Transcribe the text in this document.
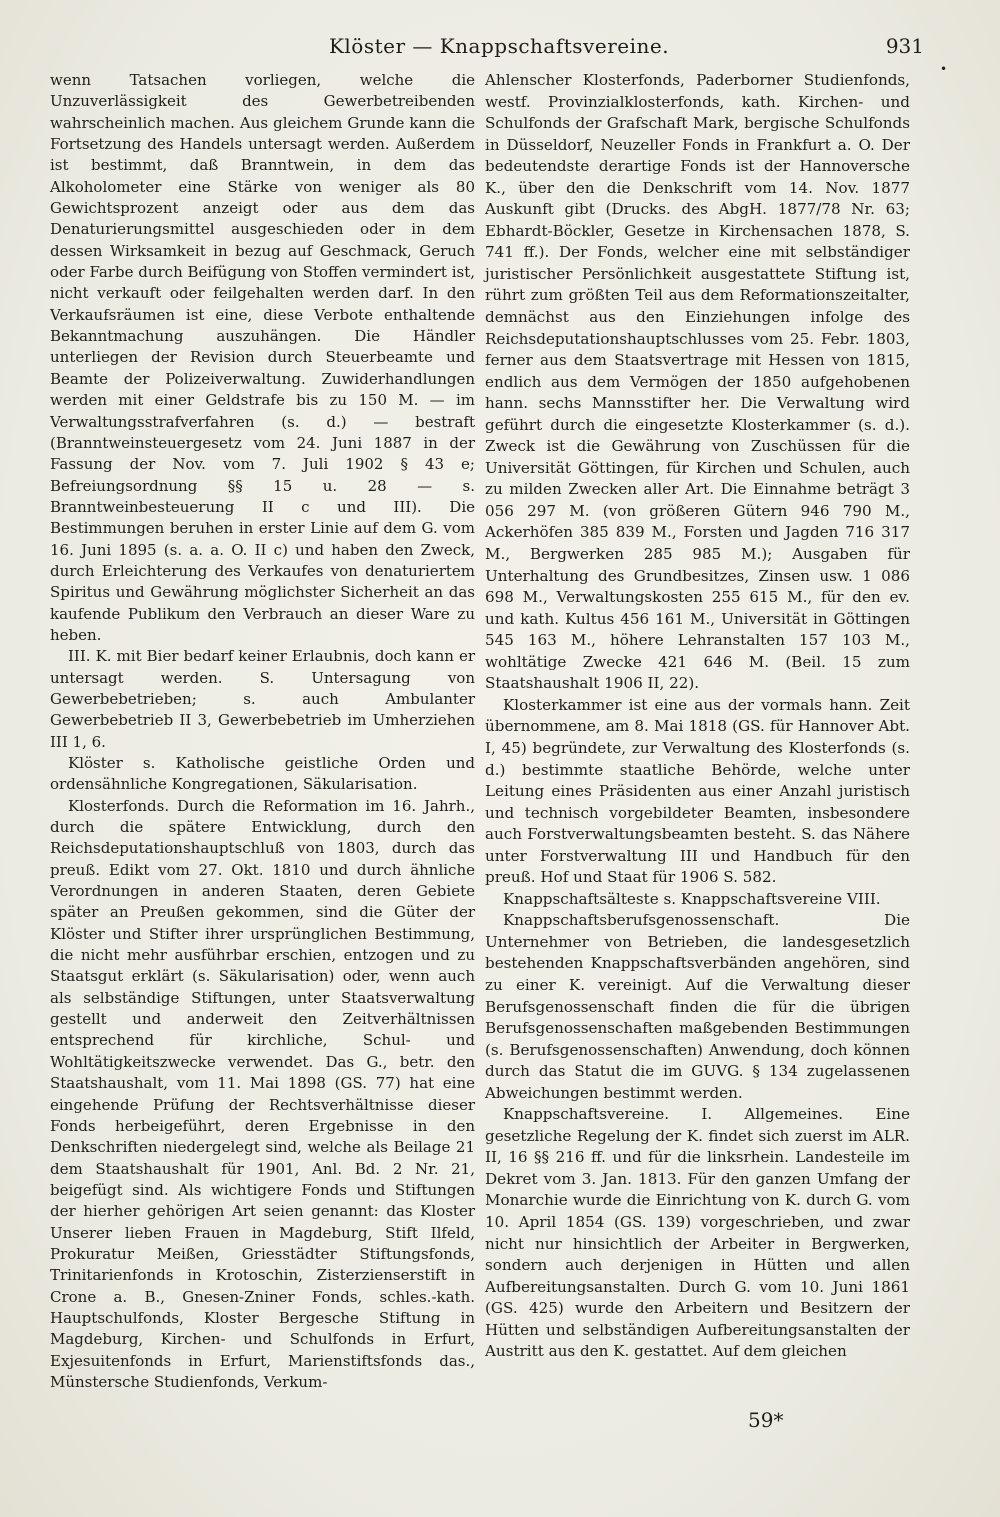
Klöster — Knappschaftsvereine.	931
•

wenn Tatsachen vorliegen, welche die Unzuverlässigkeit des Gewerbetreibenden wahrscheinlich machen. Aus gleichem Grunde kann die Fortsetzung des Handels untersagt werden. Außerdem ist bestimmt, daß Branntwein, in dem das Alkoholometer eine Stärke von weniger als 80 Gewichtsprozent anzeigt oder aus dem das Denaturierungsmittel ausgeschieden oder in dem dessen Wirksamkeit in bezug auf Geschmack, Geruch oder Farbe durch Beifügung von Stoffen vermindert ist, nicht verkauft oder feilgehalten werden darf. In den Verkaufsräumen ist eine, diese Verbote enthaltende Bekanntmachung auszuhängen. Die Händler unterliegen der Revision durch Steuerbeamte und Beamte der Polizeiverwaltung. Zuwiderhandlungen werden mit einer Geldstrafe bis zu 150 M. — im Verwaltungsstrafverfahren (s. d.) — bestraft (Branntweinsteuergesetz vom 24. Juni 1887 in der Fassung der Nov. vom 7. Juli 1902 § 43 e; Befreiungsordnung §§ 15 u. 28 — s. Branntweinbesteuerung II c und III). Die Bestimmungen beruhen in erster Linie auf dem G. vom 16. Juni 1895 (s. a. a. O. II c) und haben den Zweck, durch Erleichterung des Verkaufes von denaturiertem Spiritus und Gewährung möglichster Sicherheit an das kaufende Publikum den Verbrauch an dieser Ware zu heben.

III. K. mit Bier bedarf keiner Erlaubnis, doch kann er untersagt werden. S. Untersagung von Gewerbebetrieben; s. auch Ambulanter Gewerbebetrieb II 3, Gewerbebetrieb im Umherziehen III 1, 6.

Klöster s. Katholische geistliche Orden und ordensähnliche Kongregationen, Säkularisation.

Klosterfonds. Durch die Reformation im 16. Jahrh., durch die spätere Entwicklung, durch den Reichsdeputationshauptschluß von 1803, durch das preuß. Edikt vom 27. Okt. 1810 und durch ähnliche Verordnungen in anderen Staaten, deren Gebiete später an Preußen gekommen, sind die Güter der Klöster und Stifter ihrer ursprünglichen Bestimmung, die nicht mehr ausführbar erschien, entzogen und zu Staatsgut erklärt (s. Säkularisation) oder, wenn auch als selbständige Stiftungen, unter Staatsverwaltung gestellt und anderweit den Zeitverhältnissen entsprechend für kirchliche, Schul- und Wohltätigkeitszwecke verwendet. Das G., betr. den Staatshaushalt, vom 11. Mai 1898 (GS. 77) hat eine eingehende Prüfung der Rechtsverhältnisse dieser Fonds herbeigeführt, deren Ergebnisse in den Denkschriften niedergelegt sind, welche als Beilage 21 dem Staatshaushalt für 1901, Anl. Bd. 2 Nr. 21, beigefügt sind. Als wichtigere Fonds und Stiftungen der hierher gehörigen Art seien genannt: das Kloster Unserer lieben Frauen in Magdeburg, Stift Ilfeld, Prokuratur Meißen, Griesstädter Stiftungsfonds, Trinitarienfonds in Krotoschin, Zisterzienserstift in Crone a. B., Gnesen-Zniner Fonds, schles.-kath. Hauptschulfonds, Kloster Bergesche Stiftung in Magdeburg, Kirchen- und Schulfonds in Erfurt, Exjesuitenfonds in Erfurt, Marienstiftsfonds das., Münstersche Studienfonds, Verkum-

Ahlenscher Klosterfonds, Paderborner Studienfonds, westf. Provinzialklosterfonds, kath. Kirchen- und Schulfonds der Grafschaft Mark, bergische Schulfonds in Düsseldorf, Neuzeller Fonds in Frankfurt a. O. Der bedeutendste derartige Fonds ist der Hannoversche K., über den die Denkschrift vom 14. Nov. 1877 Auskunft gibt (Drucks. des AbgH. 1877/78 Nr. 63; Ebhardt-Böckler, Gesetze in Kirchensachen 1878, S. 741 ff.). Der Fonds, welcher eine mit selbständiger juristischer Persönlichkeit ausgestattete Stiftung ist, rührt zum größten Teil aus dem Reformationszeitalter, demnächst aus den Einziehungen infolge des Reichsdeputationshauptschlusses vom 25. Febr. 1803, ferner aus dem Staatsvertrage mit Hessen von 1815, endlich aus dem Vermögen der 1850 aufgehobenen hann. sechs Mannsstifter her. Die Verwaltung wird geführt durch die eingesetzte Klosterkammer (s. d.). Zweck ist die Gewährung von Zuschüssen für die Universität Göttingen, für Kirchen und Schulen, auch zu milden Zwecken aller Art. Die Einnahme beträgt 3 056 297 M. (von größeren Gütern 946 790 M., Ackerhöfen 385 839 M., Forsten und Jagden 716 317 M., Bergwerken 285 985 M.); Ausgaben für Unterhaltung des Grundbesitzes, Zinsen usw. 1 086 698 M., Verwaltungskosten 255 615 M., für den ev. und kath. Kultus 456 161 M., Universität in Göttingen 545 163 M., höhere Lehranstalten 157 103 M., wohltätige Zwecke 421 646 M. (Beil. 15 zum Staatshaushalt 1906 II, 22).

Klosterkammer ist eine aus der vormals hann. Zeit übernommene, am 8. Mai 1818 (GS. für Hannover Abt. I, 45) begründete, zur Verwaltung des Klosterfonds (s. d.) bestimmte staatliche Behörde, welche unter Leitung eines Präsidenten aus einer Anzahl juristisch und technisch vorgebildeter Beamten, insbesondere auch Forstverwaltungsbeamten besteht. S. das Nähere unter Forstverwaltung III und Handbuch für den preuß. Hof und Staat für 1906 S. 582.

Knappschaftsälteste s. Knappschaftsvereine VIII.

Knappschaftsberufsgenossenschaft. Die Unternehmer von Betrieben, die landesgesetzlich bestehenden Knappschaftsverbänden angehören, sind zu einer K. vereinigt. Auf die Verwaltung dieser Berufsgenossenschaft finden die für die übrigen Berufsgenossenschaften maßgebenden Bestimmungen (s. Berufsgenossenschaften) Anwendung, doch können durch das Statut die im GUVG. § 134 zugelassenen Abweichungen bestimmt werden.

Knappschaftsvereine. I. Allgemeines. Eine gesetzliche Regelung der K. findet sich zuerst im ALR. II, 16 §§ 216 ff. und für die linksrhein. Landesteile im Dekret vom 3. Jan. 1813. Für den ganzen Umfang der Monarchie wurde die Einrichtung von K. durch G. vom 10. April 1854 (GS. 139) vorgeschrieben, und zwar nicht nur hinsichtlich der Arbeiter in Bergwerken, sondern auch derjenigen in Hütten und allen Aufbereitungsanstalten. Durch G. vom 10. Juni 1861 (GS. 425) wurde den Arbeitern und Besitzern der Hütten und selbständigen Aufbereitungsanstalten der Austritt aus den K. gestattet. Auf dem gleichen

59*
